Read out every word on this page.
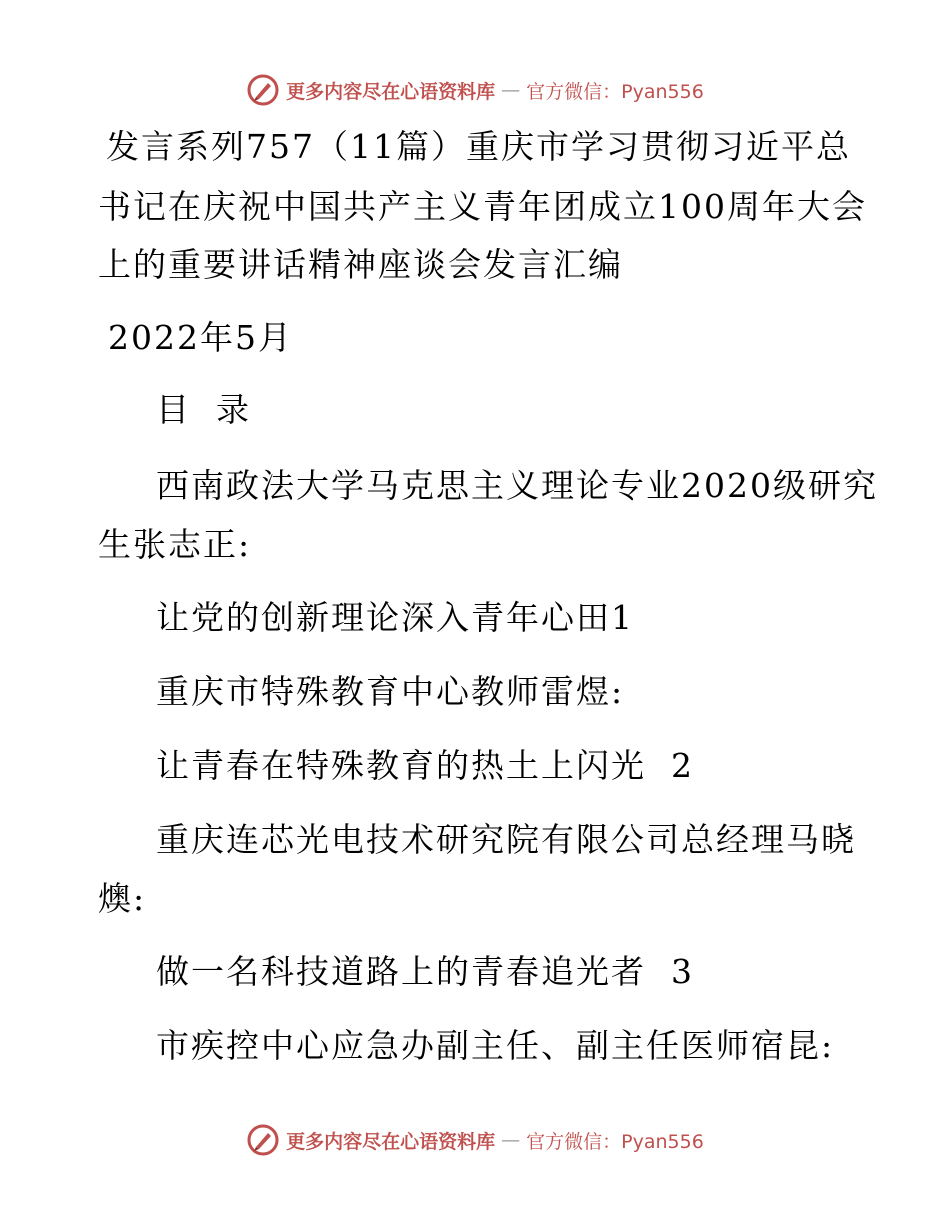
更多内容尽在心语资料库 — 官方微信：Pyan556
发言系列757（11篇）重庆市学习贯彻习近平总
书记在庆祝中国共产主义青年团成立100周年大会
上的重要讲话精神座谈会发言汇编
2022年5月
目  录
西南政法大学马克思主义理论专业2020级研究
生张志正:
让党的创新理论深入青年心田1
重庆市特殊教育中心教师雷煜:
让青春在特殊教育的热土上闪光  2
重庆连芯光电技术研究院有限公司总经理马晓
燠:
做一名科技道路上的青春追光者  3
市疾控中心应急办副主任、副主任医师宿昆:
更多内容尽在心语资料库 — 官方微信：Pyan556
